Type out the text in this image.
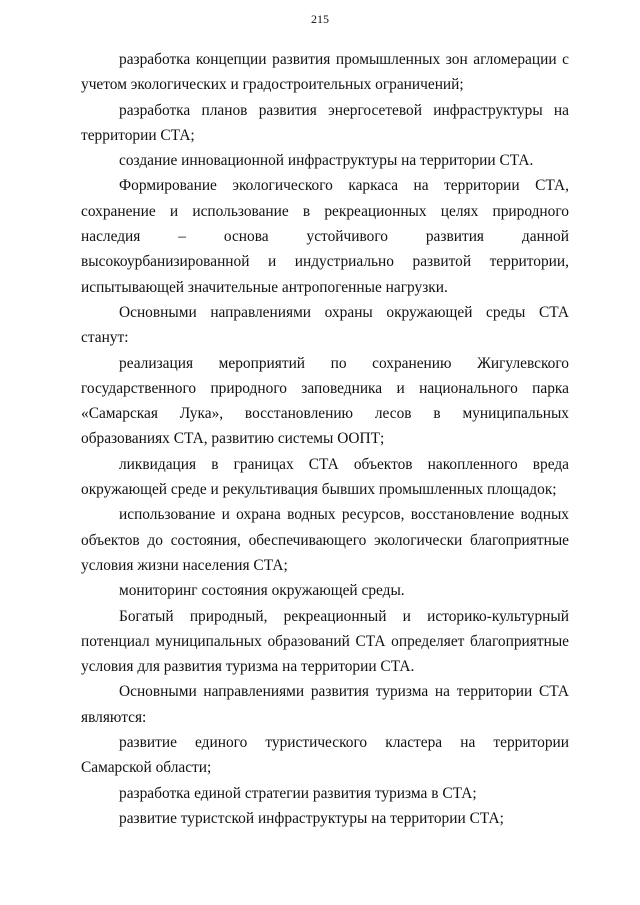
215

разработка концепции развития промышленных зон агломерации с учетом экологических и градостроительных ограничений;

разработка планов развития энергосетевой инфраструктуры на территории СТА;

создание инновационной инфраструктуры на территории СТА.

Формирование экологического каркаса на территории СТА, сохранение и использование в рекреационных целях природного наследия – основа устойчивого развития данной высокоурбанизированной и индустриально развитой территории, испытывающей значительные антропогенные нагрузки.

Основными направлениями охраны окружающей среды СТА станут:

реализация мероприятий по сохранению Жигулевского государственного природного заповедника и национального парка «Самарская Лука», восстановлению лесов в муниципальных образованиях СТА, развитию системы ООПТ;

ликвидация в границах СТА объектов накопленного вреда окружающей среде и рекультивация бывших промышленных площадок;

использование и охрана водных ресурсов, восстановление водных объектов до состояния, обеспечивающего экологически благоприятные условия жизни населения СТА;

мониторинг состояния окружающей среды.

Богатый природный, рекреационный и историко-культурный потенциал муниципальных образований СТА определяет благоприятные условия для развития туризма на территории СТА.

Основными направлениями развития туризма на территории СТА являются:

развитие единого туристического кластера на территории Самарской области;

разработка единой стратегии развития туризма в СТА;

развитие туристской инфраструктуры на территории СТА;
